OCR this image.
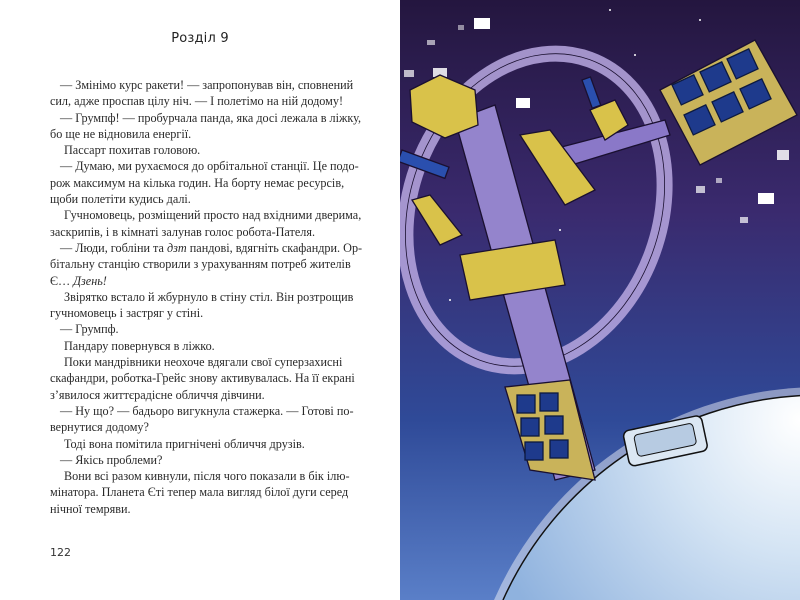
Розділ 9
— Змінімо курс ракети! — запропонував він, сповнений
сил, адже проспав цілу ніч. — І полетімо на ній додому!
— Грумпф! — пробурчала панда, яка досі лежала в ліжку,
бо ще не відновила енергії.
Пассарт похитав головою.
— Думаю, ми рухаємося до орбітальної станції. Це подо-
рож максимум на кілька годин. На борту немає ресурсів,
щоби полетіти кудись далі.
Гучномовець, розміщений просто над вхідними дверима,
заскрипів, і в кімнаті залунав голос робота-Пателя.
— Люди, гобліни та дзт пандові, вдягніть скафандри. Ор-
бітальну станцію створили з урахуванням потреб жителів
Є… Дзень!
Звірятко встало й жбурнуло в стіну стіл. Він розтрощив
гучномовець і застряг у стіні.
— Грумпф.
Пандару повернувся в ліжко.
Поки мандрівники неохоче вдягали свої суперзахисні
скафандри, роботка-Грейс знову активувалась. На її екрані
з’явилося життєрадісне обличчя дівчини.
— Ну що? — бадьоро вигукнула стажерка. — Готові по-
вернутися додому?
Тоді вона помітила пригнічені обличчя друзів.
— Якісь проблеми?
Вони всі разом кивнули, після чого показали в бік ілю-
мінатора. Планета Єті тепер мала вигляд білої дуги серед
нічної темряви.
122
